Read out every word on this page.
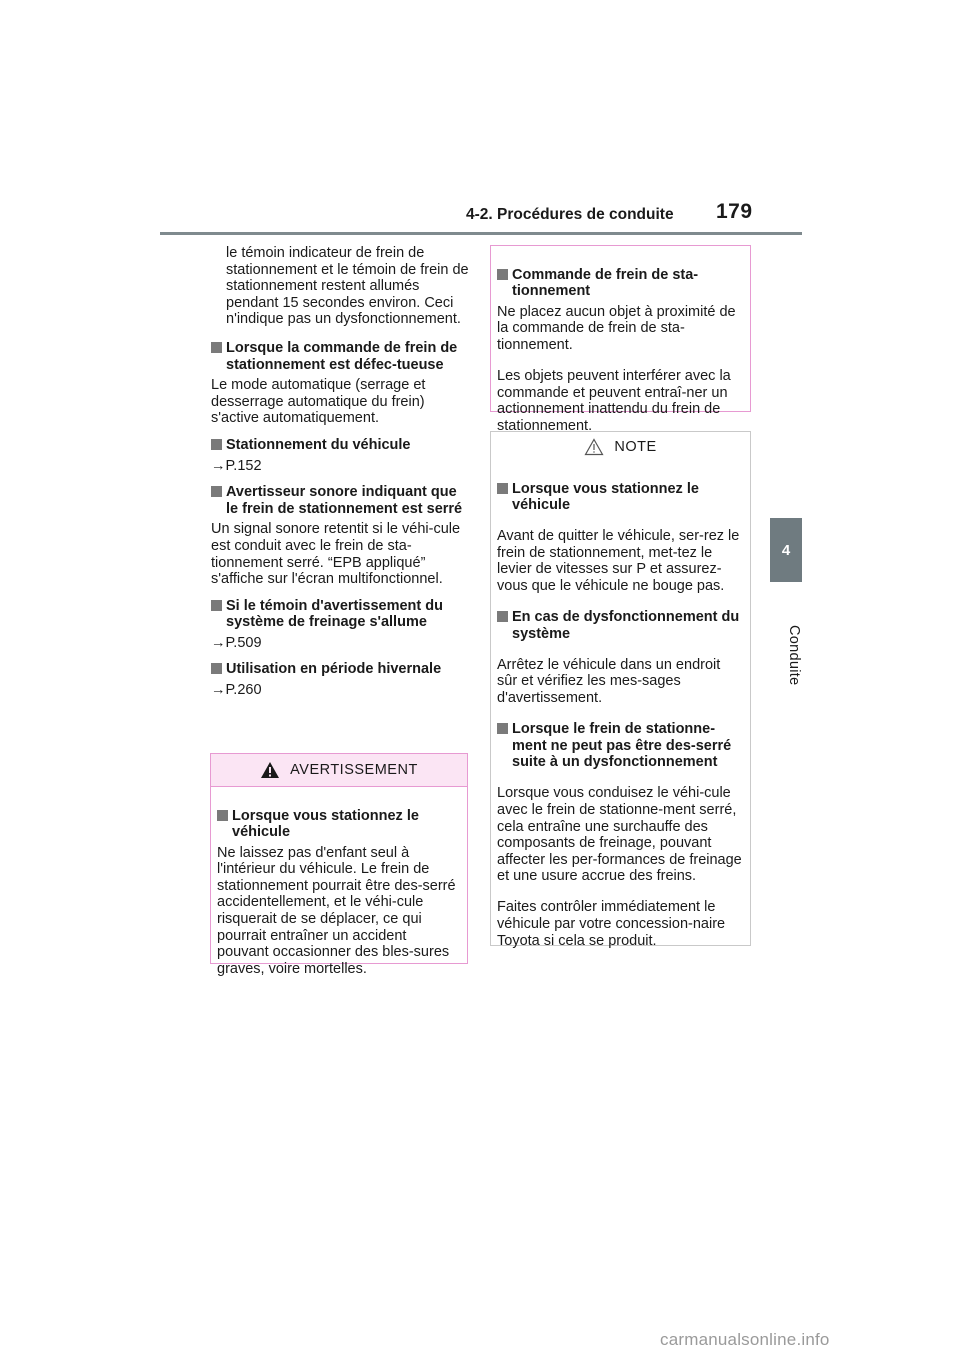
4-2. Procédures de conduite 179
4
Conduite

le témoin indicateur de frein de stationnement et le témoin de frein de stationnement restent allumés pendant 15 secondes environ. Ceci n'indique pas un dysfonctionnement.

Lorsque la commande de frein de stationnement est défec-tueuse

Le mode automatique (serrage et desserrage automatique du frein) s'active automatiquement.

Stationnement du véhicule

→P.152

Avertisseur sonore indiquant que le frein de stationnement est serré

Un signal sonore retentit si le véhi-cule est conduit avec le frein de sta-tionnement serré. “EPB appliqué” s'affiche sur l'écran multifonctionnel.

Si le témoin d'avertissement du système de freinage s'allume

→P.509

Utilisation en période hivernale

→P.260

AVERTISSEMENT

Lorsque vous stationnez le véhicule

Ne laissez pas d'enfant seul à l'intérieur du véhicule. Le frein de stationnement pourrait être des-serré accidentellement, et le véhi-cule risquerait de se déplacer, ce qui pourrait entraîner un accident pouvant occasionner des bles-sures graves, voire mortelles.

Commande de frein de sta-tionnement

Ne placez aucun objet à proximité de la commande de frein de sta-tionnement.

Les objets peuvent interférer avec la commande et peuvent entraî-ner un actionnement inattendu du frein de stationnement.

NOTE

Lorsque vous stationnez le véhicule

Avant de quitter le véhicule, ser-rez le frein de stationnement, met-tez le levier de vitesses sur P et assurez-vous que le véhicule ne bouge pas.

En cas de dysfonctionnement du système

Arrêtez le véhicule dans un endroit sûr et vérifiez les mes-sages d'avertissement.

Lorsque le frein de stationne-ment ne peut pas être des-serré suite à un dysfonctionnement

Lorsque vous conduisez le véhi-cule avec le frein de stationne-ment serré, cela entraîne une surchauffe des composants de freinage, pouvant affecter les per-formances de freinage et une usure accrue des freins.

Faites contrôler immédiatement le véhicule par votre concession-naire Toyota si cela se produit.

carmanualsonline.info
